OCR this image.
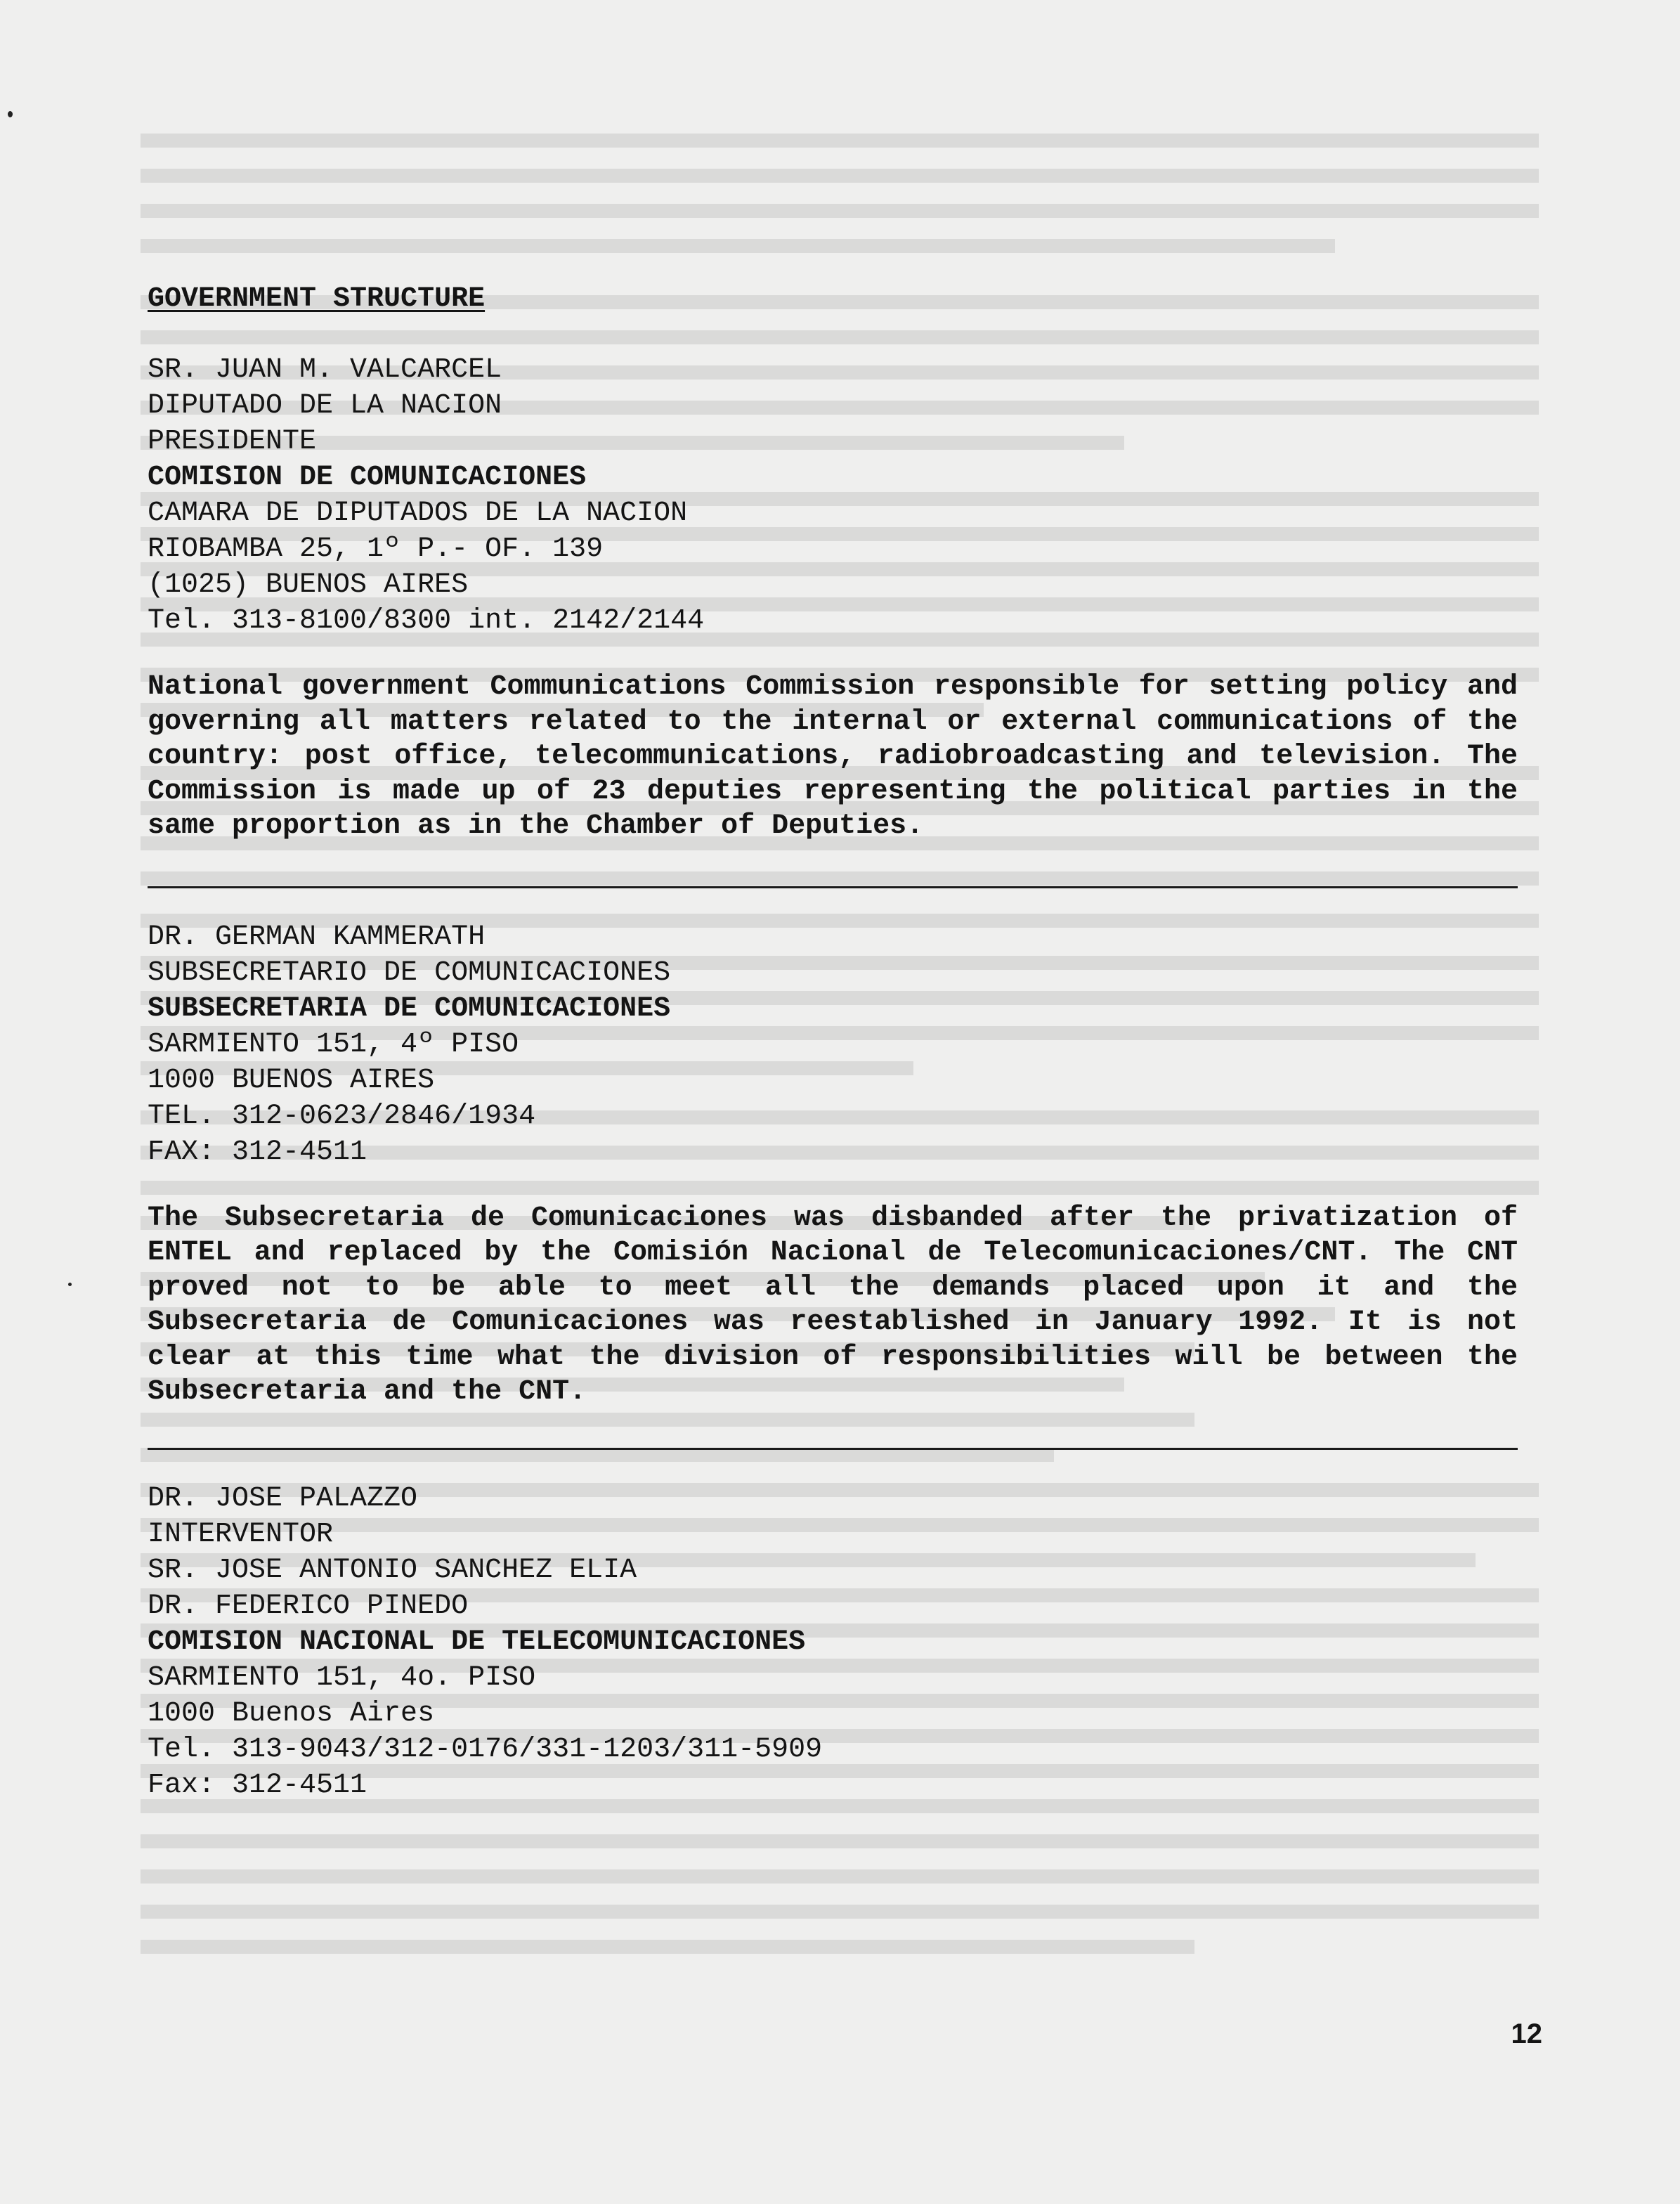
GOVERNMENT STRUCTURE
SR. JUAN M. VALCARCEL
DIPUTADO DE LA NACION
PRESIDENTE
COMISION DE COMUNICACIONES
CAMARA DE DIPUTADOS DE LA NACION
RIOBAMBA 25, 1º P.- OF. 139
(1025) BUENOS AIRES
Tel. 313-8100/8300 int. 2142/2144

National government Communications Commission responsible for setting policy and governing all matters related to the internal or external communications of the country: post office, telecommunications, radiobroadcasting and television. The Commission is made up of 23 deputies representing the political parties in the same proportion as in the Chamber of Deputies.

DR. GERMAN KAMMERATH
SUBSECRETARIO DE COMUNICACIONES
SUBSECRETARIA DE COMUNICACIONES
SARMIENTO 151, 4º PISO
1000 BUENOS AIRES
TEL. 312-0623/2846/1934
FAX: 312-4511

The Subsecretaria de Comunicaciones was disbanded after the privatization of ENTEL and replaced by the Comisión Nacional de Telecomunicaciones/CNT. The CNT proved not to be able to meet all the demands placed upon it and the Subsecretaria de Comunicaciones was reestablished in January 1992. It is not clear at this time what the division of responsibilities will be between the Subsecretaria and the CNT.

DR. JOSE PALAZZO
INTERVENTOR
SR. JOSE ANTONIO SANCHEZ ELIA
DR. FEDERICO PINEDO
COMISION NACIONAL DE TELECOMUNICACIONES
SARMIENTO 151, 4o. PISO
1000 Buenos Aires
Tel. 313-9043/312-0176/331-1203/311-5909
Fax: 312-4511
12
